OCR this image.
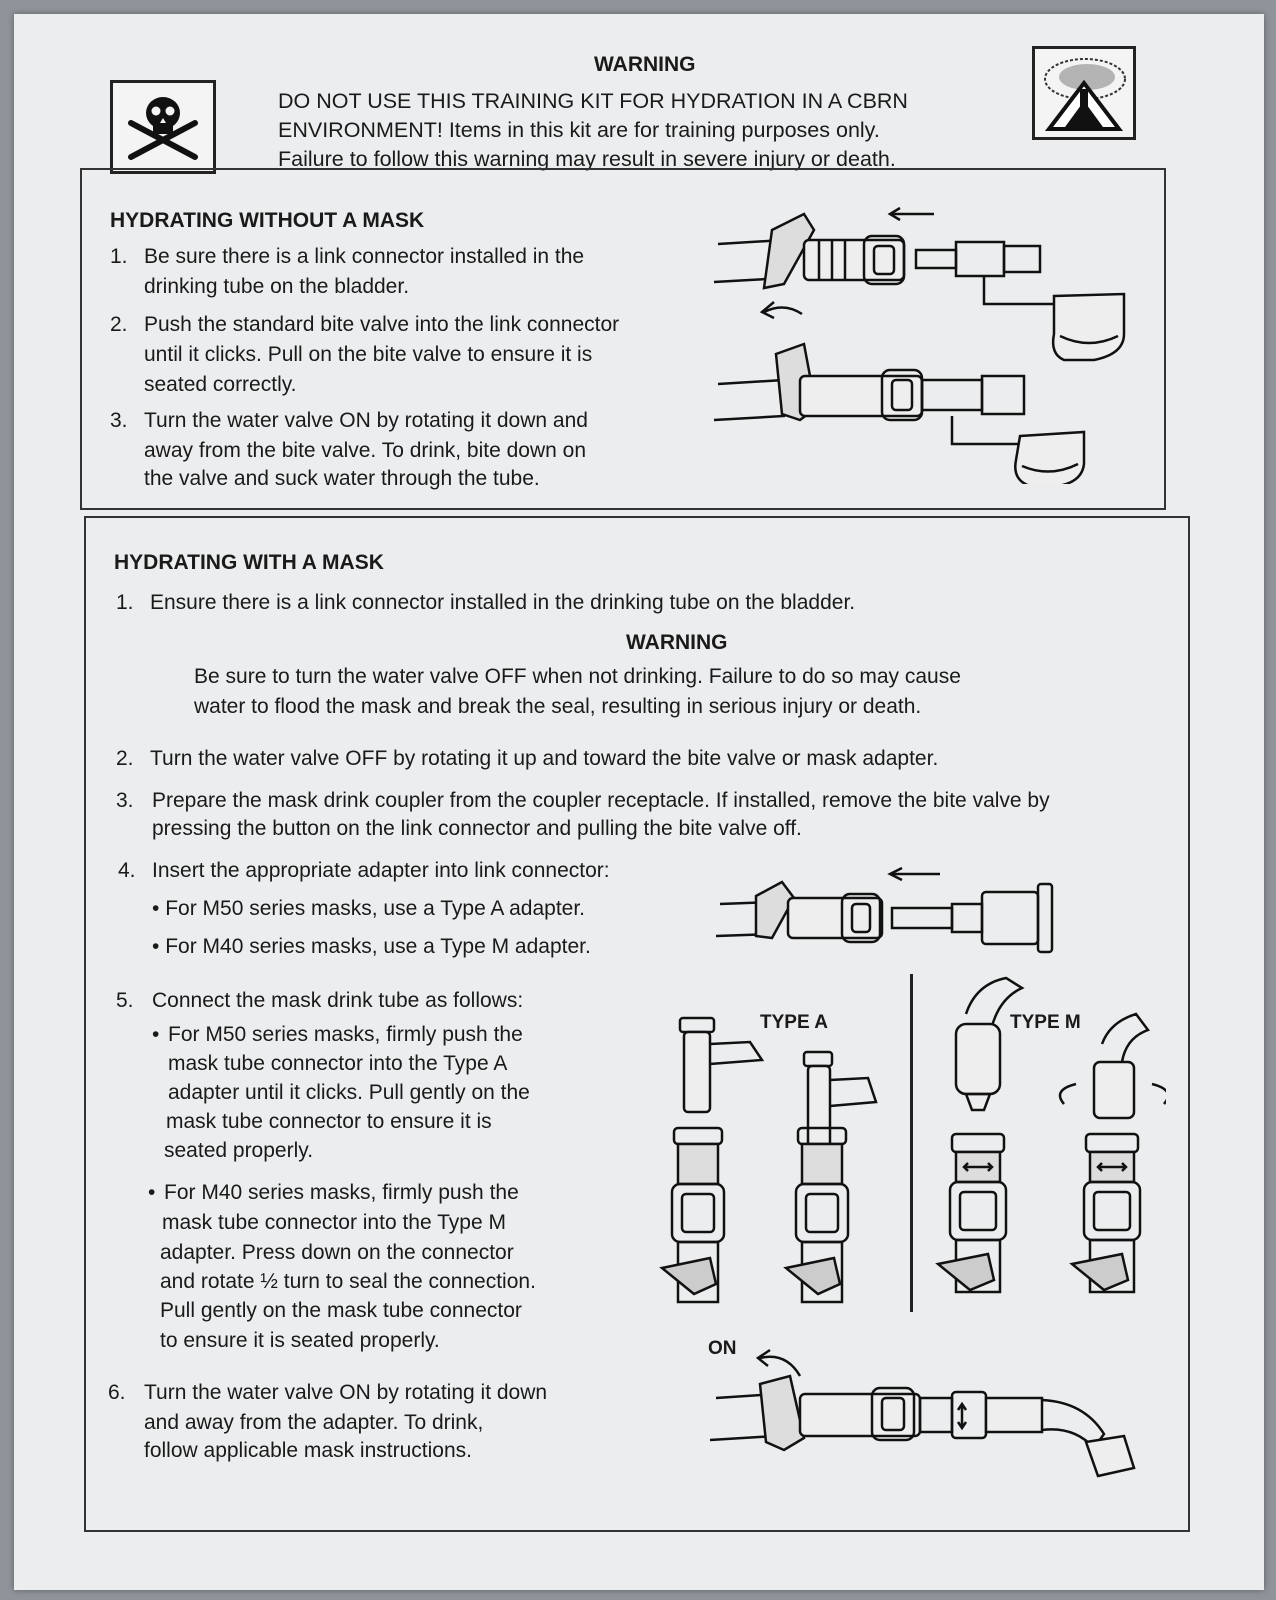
WARNING
DO NOT USE THIS TRAINING KIT FOR HYDRATION IN A CBRN
ENVIRONMENT! Items in this kit are for training purposes only.
Failure to follow this warning may result in severe injury or death.
HYDRATING WITHOUT A MASK
1. Be sure there is a link connector installed in the
drinking tube on the bladder.
2. Push the standard bite valve into the link connector
until it clicks. Pull on the bite valve to ensure it is
seated correctly.
3. Turn the water valve ON by rotating it down and
away from the bite valve. To drink, bite down on
the valve and suck water through the tube.
HYDRATING WITH A MASK
1. Ensure there is a link connector installed in the drinking tube on the bladder.
WARNING
Be sure to turn the water valve OFF when not drinking. Failure to do so may cause
water to flood the mask and break the seal, resulting in serious injury or death.
2. Turn the water valve OFF by rotating it up and toward the bite valve or mask adapter.
3. Prepare the mask drink coupler from the coupler receptacle. If installed, remove the bite valve by
pressing the button on the link connector and pulling the bite valve off.
4. Insert the appropriate adapter into link connector:
• For M50 series masks, use a Type A adapter.
• For M40 series masks, use a Type M adapter.
5. Connect the mask drink tube as follows:
• For M50 series masks, firmly push the
mask tube connector into the Type A
adapter until it clicks. Pull gently on the
mask tube connector to ensure it is
seated properly.
• For M40 series masks, firmly push the
mask tube connector into the Type M
adapter. Press down on the connector
and rotate ½ turn to seal the connection.
Pull gently on the mask tube connector
to ensure it is seated properly.
TYPE A	TYPE M
6. Turn the water valve ON by rotating it down
and away from the adapter. To drink,
follow applicable mask instructions.
ON
